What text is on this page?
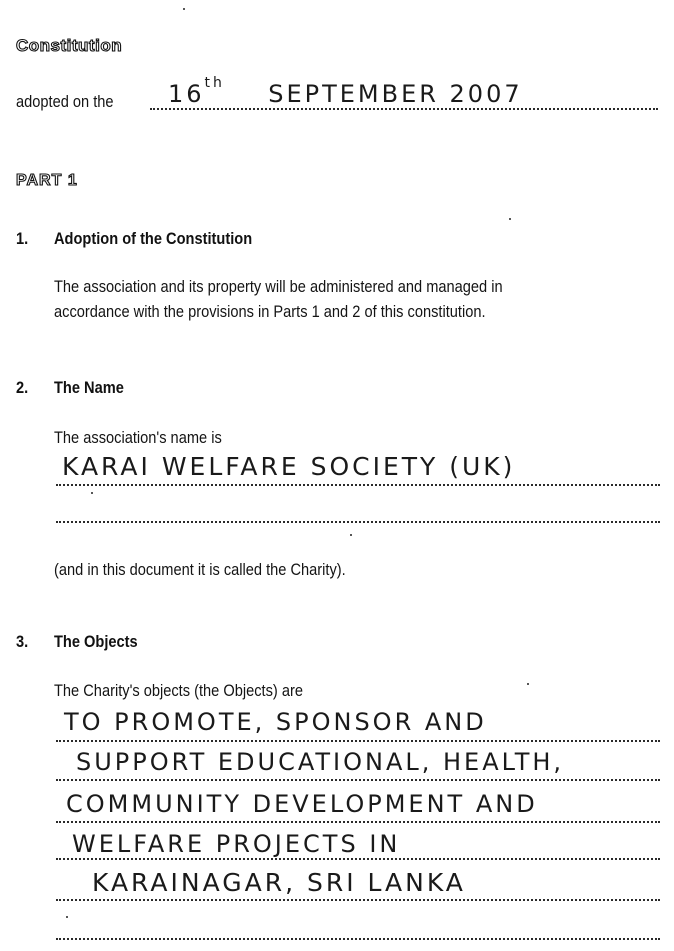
Constitution
adopted on the 16th SEPTEMBER 2007
PART 1
1. Adoption of the Constitution
The association and its property will be administered and managed in
accordance with the provisions in Parts 1 and 2 of this constitution.
2. The Name
The association's name is
KARAI WELFARE SOCIETY (UK)
(and in this document it is called the Charity).
3. The Objects
The Charity's objects (the Objects) are
TO PROMOTE, SPONSOR AND
SUPPORT EDUCATIONAL, HEALTH,
COMMUNITY DEVELOPMENT AND
WELFARE PROJECTS IN
KARAINAGAR, SRI LANKA
